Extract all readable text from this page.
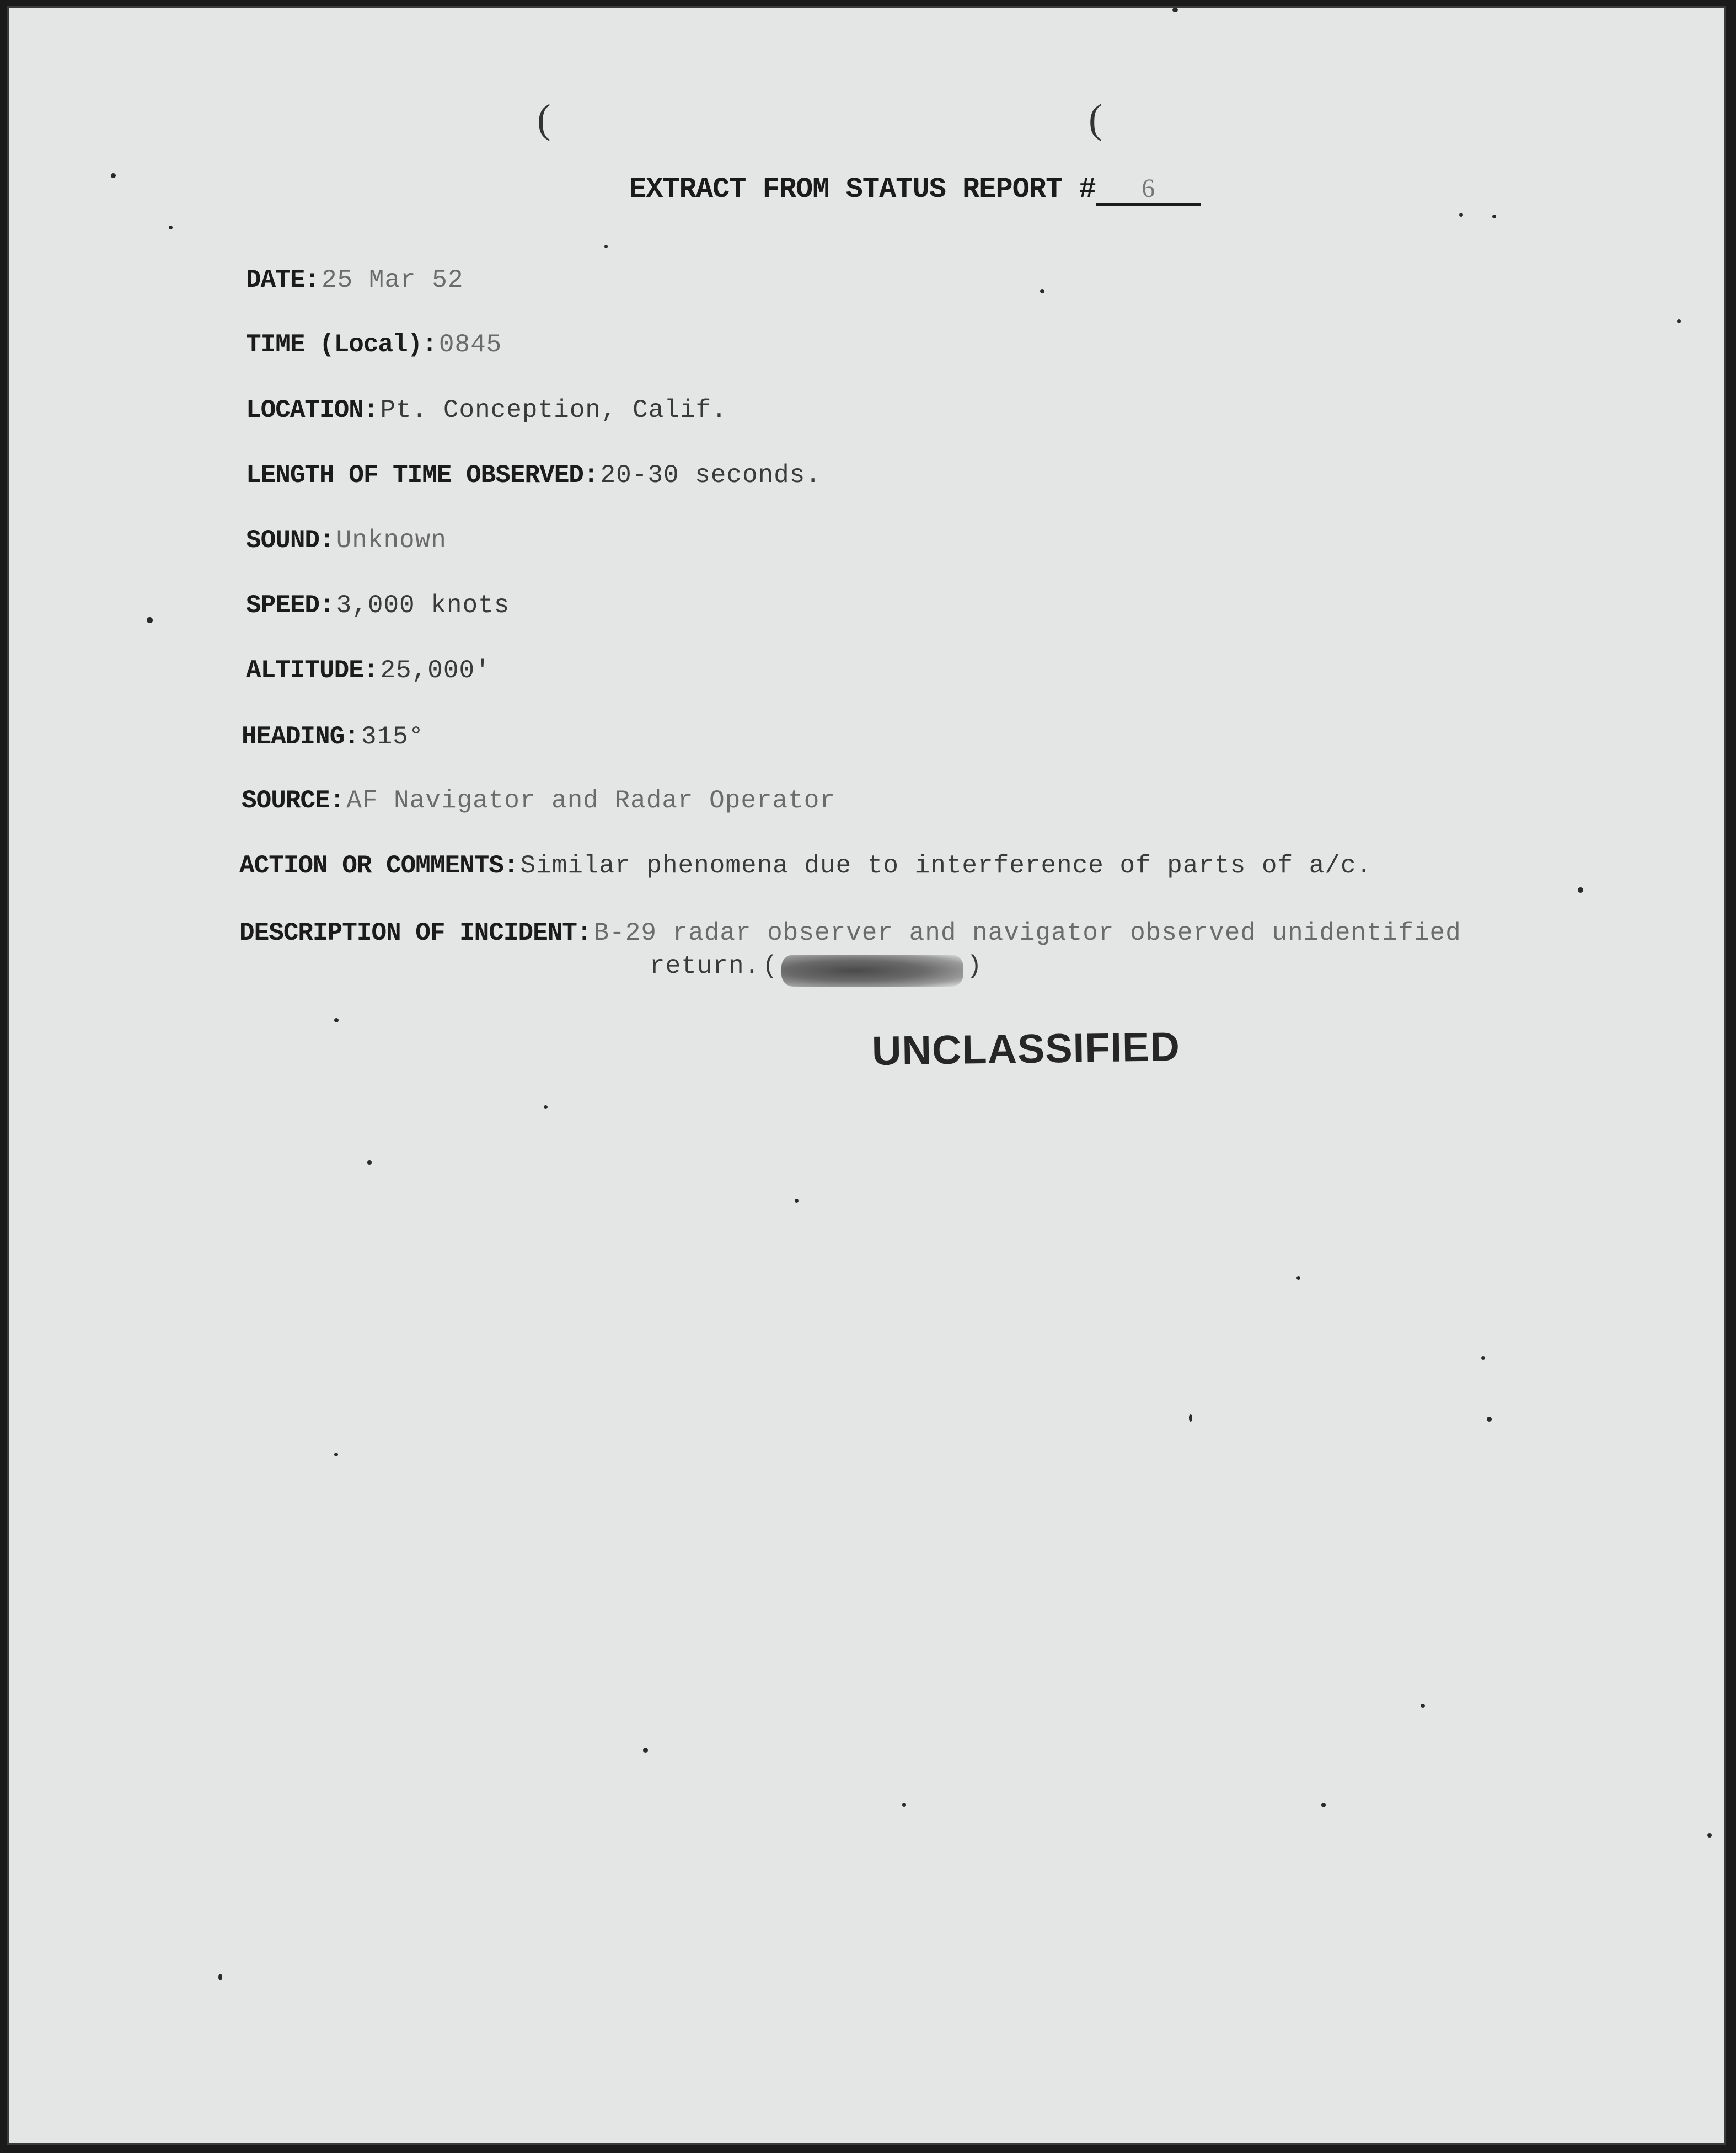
(	(
EXTRACT FROM STATUS REPORT # 6
DATE: 25 Mar 52
TIME (Local): 0845
LOCATION: Pt. Conception, Calif.
LENGTH OF TIME OBSERVED: 20-30 seconds.
SOUND: Unknown
SPEED: 3,000 knots
ALTITUDE: 25,000'
HEADING: 315°
SOURCE: AF Navigator and Radar Operator
ACTION OR COMMENTS: Similar phenomena due to interference of parts of a/c.
DESCRIPTION OF INCIDENT: B-29 radar observer and navigator observed unidentified
return. (	)
UNCLASSIFIED
